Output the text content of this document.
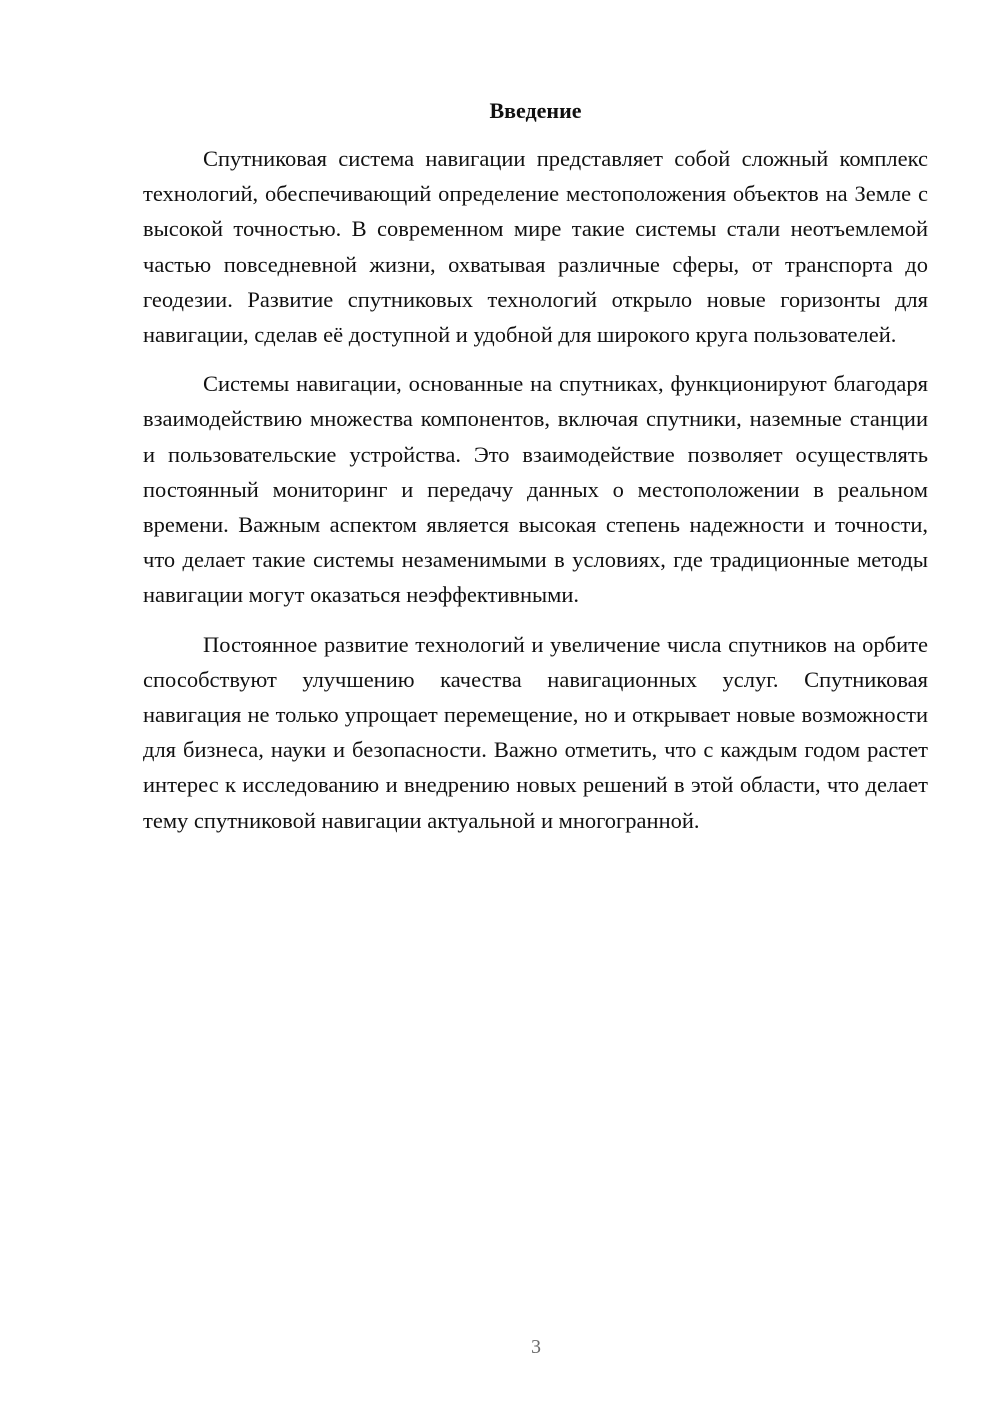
Введение

Спутниковая система навигации представляет собой сложный комплекс технологий, обеспечивающий определение местоположения объектов на Земле с высокой точностью. В современном мире такие системы стали неотъемлемой частью повседневной жизни, охватывая различные сферы, от транспорта до геодезии. Развитие спутниковых технологий открыло новые горизонты для навигации, сделав её доступной и удобной для широкого круга пользователей.

Системы навигации, основанные на спутниках, функционируют благодаря взаимодействию множества компонентов, включая спутники, наземные станции и пользовательские устройства. Это взаимодействие позволяет осуществлять постоянный мониторинг и передачу данных о местоположении в реальном времени. Важным аспектом является высокая степень надежности и точности, что делает такие системы незаменимыми в условиях, где традиционные методы навигации могут оказаться неэффективными.

Постоянное развитие технологий и увеличение числа спутников на орбите способствуют улучшению качества навигационных услуг. Спутниковая навигация не только упрощает перемещение, но и открывает новые возможности для бизнеса, науки и безопасности. Важно отметить, что с каждым годом растет интерес к исследованию и внедрению новых решений в этой области, что делает тему спутниковой навигации актуальной и многогранной.

3
